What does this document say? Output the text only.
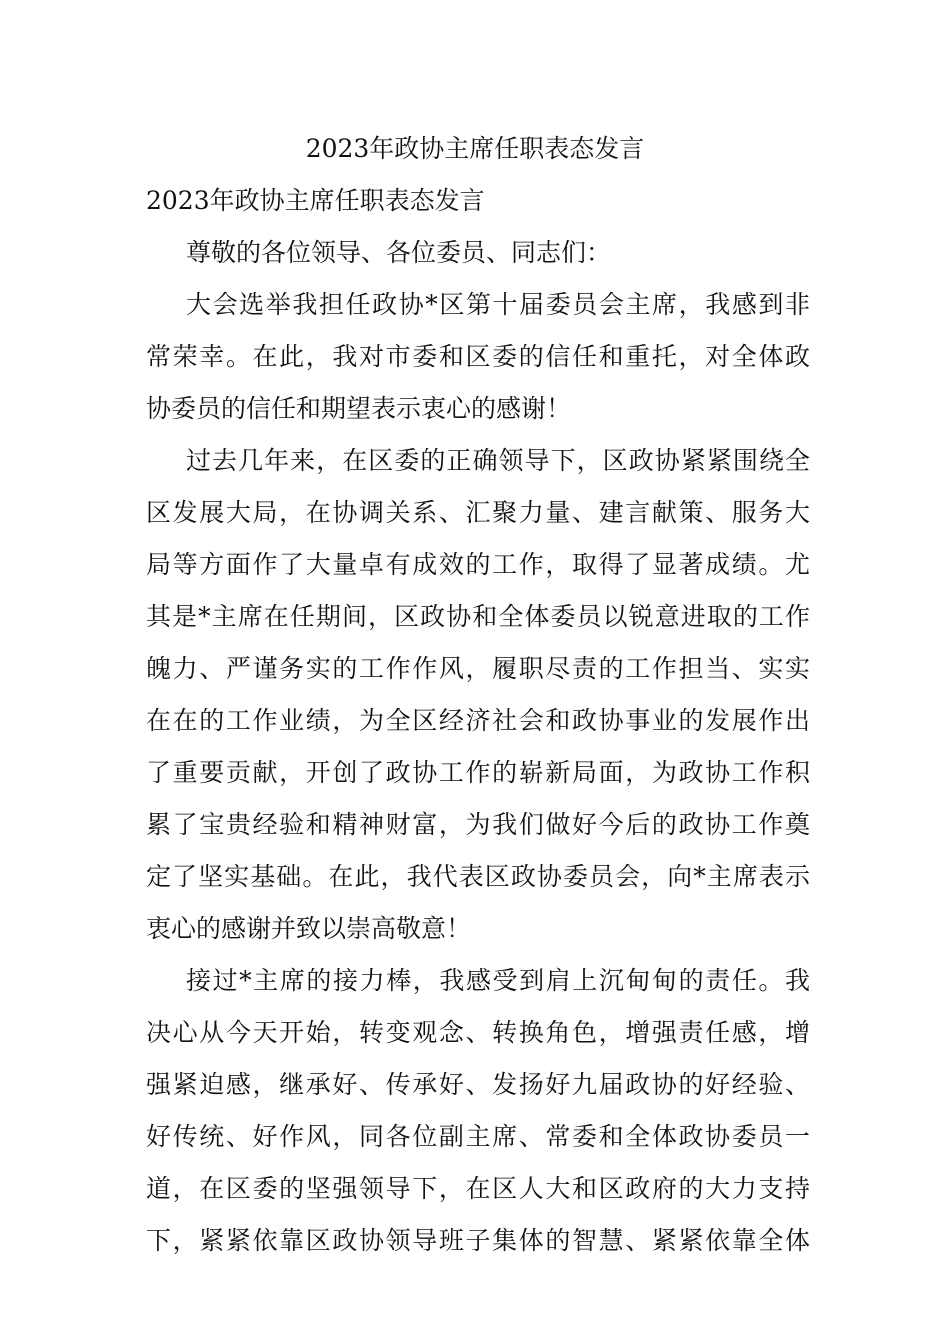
2023年政协主席任职表态发言
2023年政协主席任职表态发言
尊敬的各位领导、各位委员、同志们：
大会选举我担任政协*区第十届委员会主席，我感到非
常荣幸。在此，我对市委和区委的信任和重托，对全体政
协委员的信任和期望表示衷心的感谢！
过去几年来，在区委的正确领导下，区政协紧紧围绕全
区发展大局，在协调关系、汇聚力量、建言献策、服务大
局等方面作了大量卓有成效的工作，取得了显著成绩。尤
其是*主席在任期间，区政协和全体委员以锐意进取的工作
魄力、严谨务实的工作作风，履职尽责的工作担当、实实
在在的工作业绩，为全区经济社会和政协事业的发展作出
了重要贡献，开创了政协工作的崭新局面，为政协工作积
累了宝贵经验和精神财富，为我们做好今后的政协工作奠
定了坚实基础。在此，我代表区政协委员会，向*主席表示
衷心的感谢并致以崇高敬意！
接过*主席的接力棒，我感受到肩上沉甸甸的责任。我
决心从今天开始，转变观念、转换角色，增强责任感，增
强紧迫感，继承好、传承好、发扬好九届政协的好经验、
好传统、好作风，同各位副主席、常委和全体政协委员一
道，在区委的坚强领导下，在区人大和区政府的大力支持
下，紧紧依靠区政协领导班子集体的智慧、紧紧依靠全体
